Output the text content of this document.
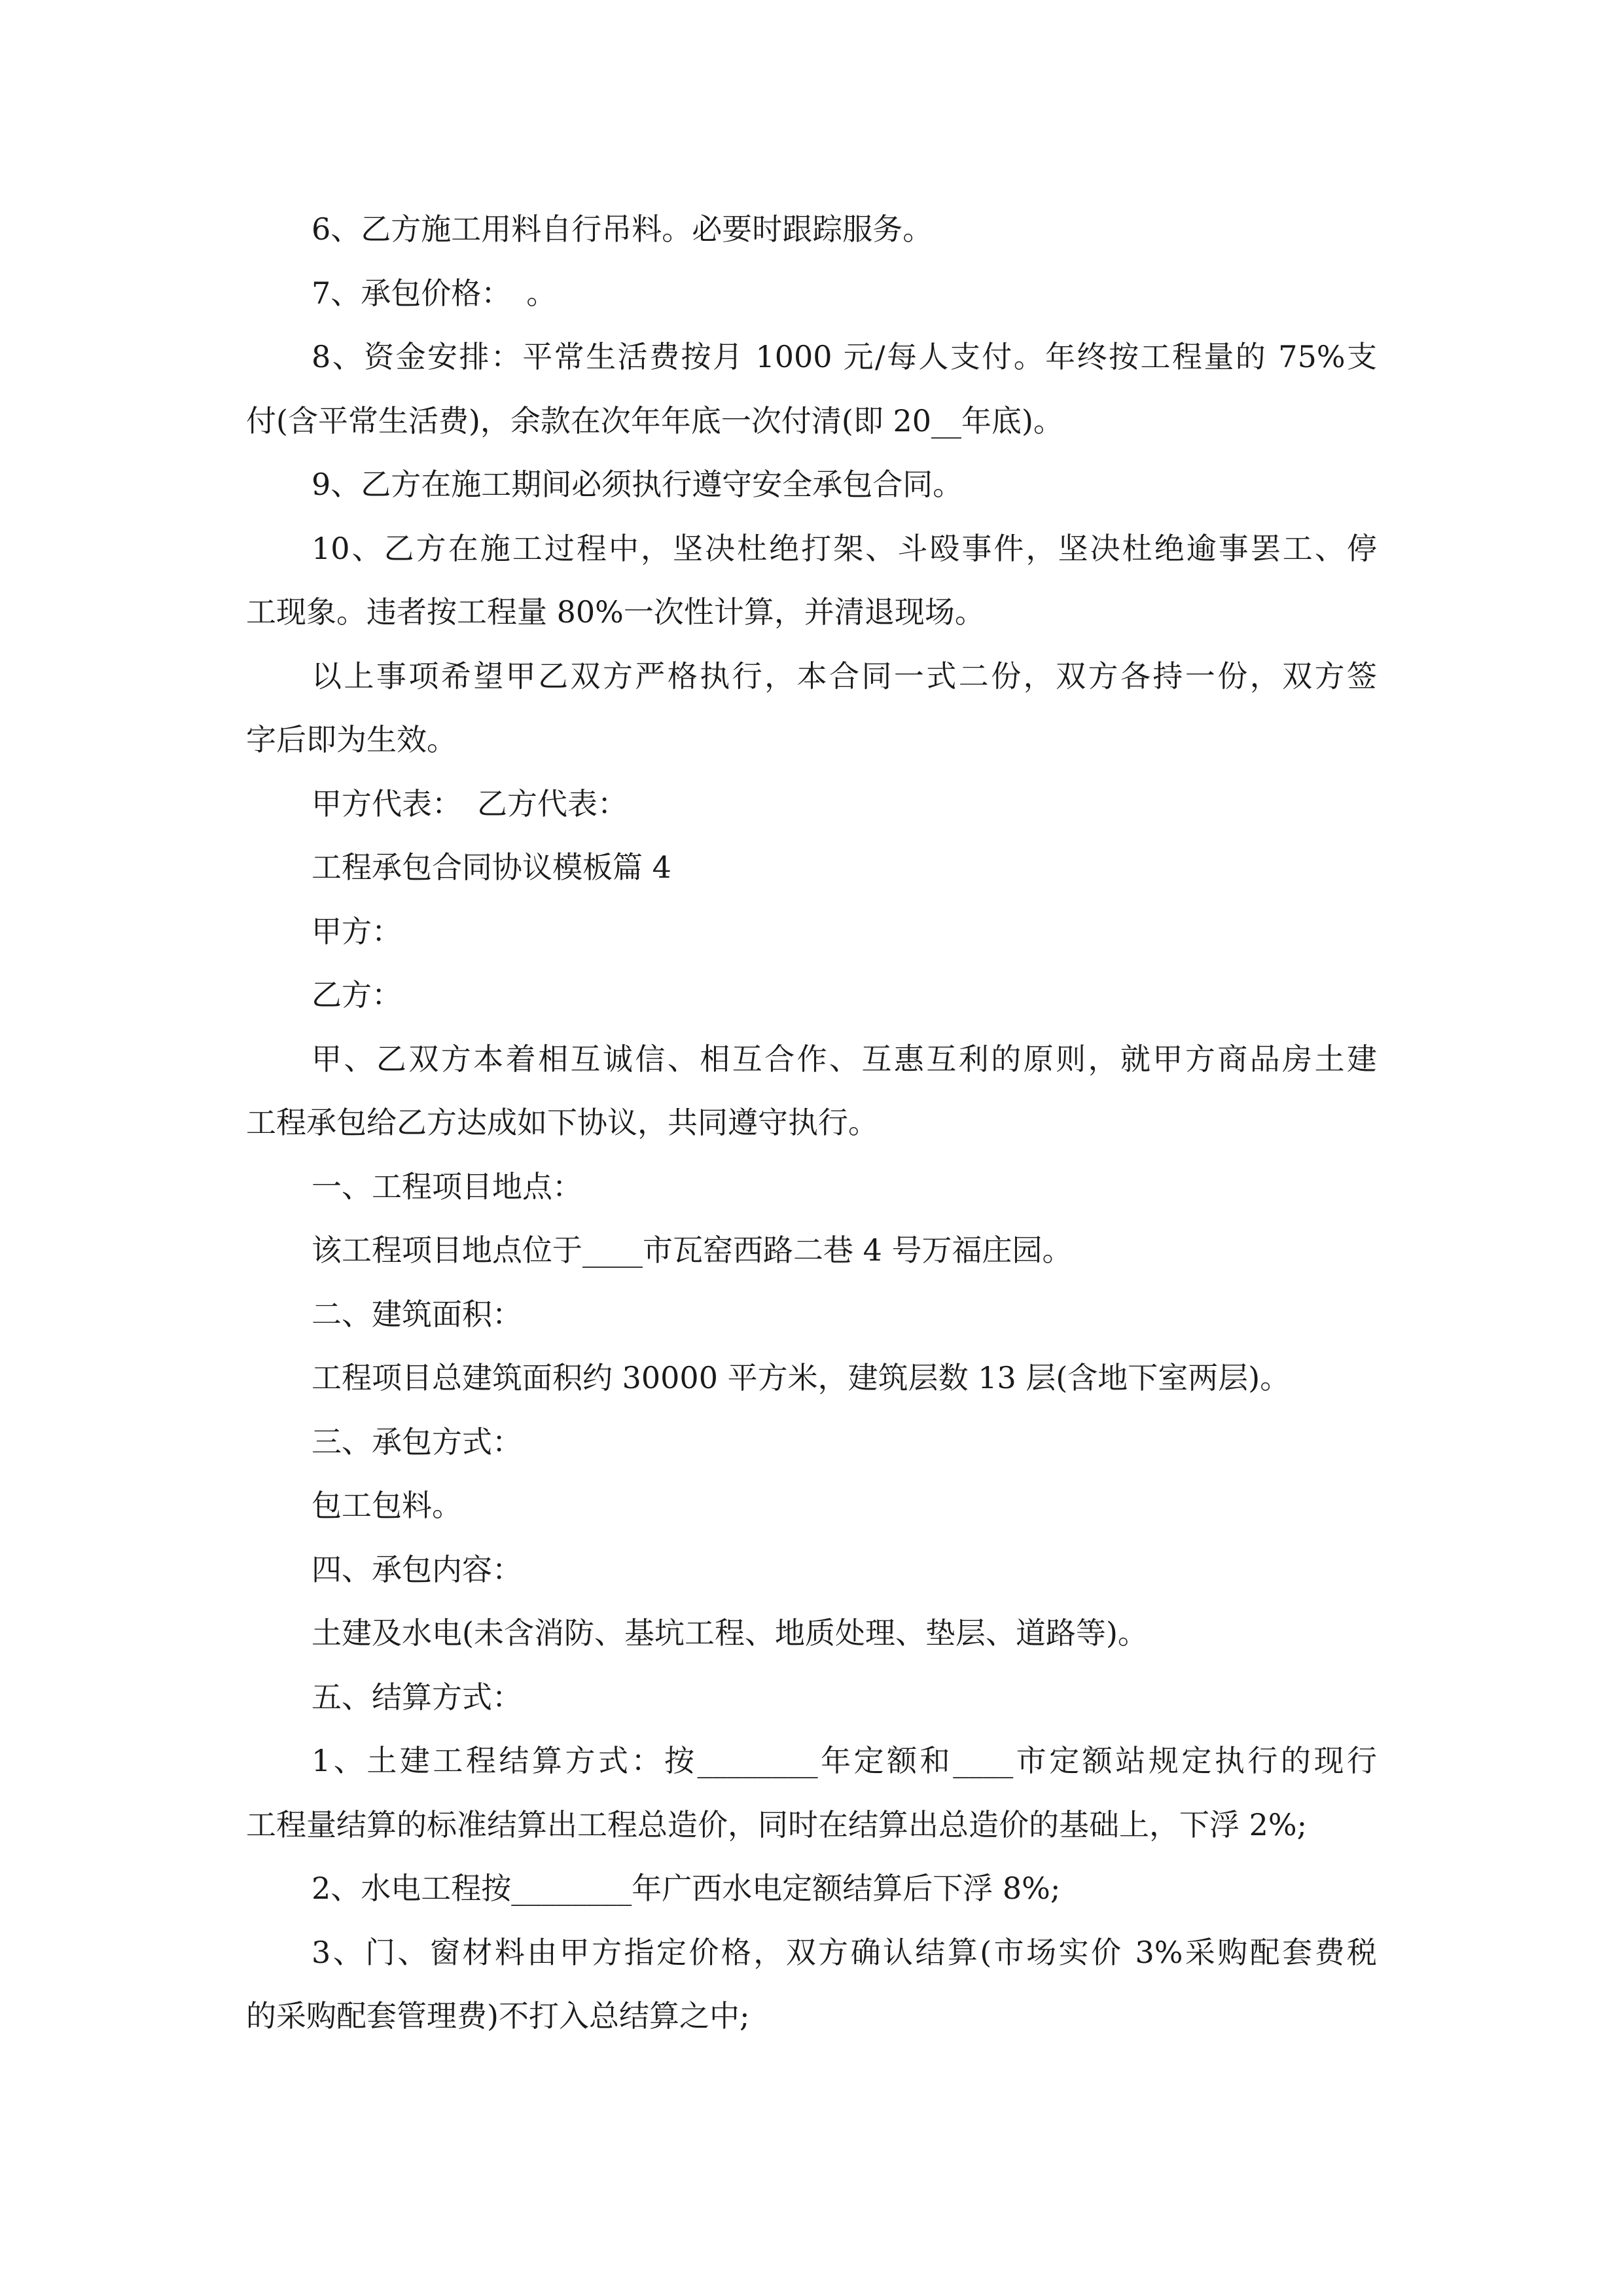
6、乙方施工用料自行吊料。必要时跟踪服务。
7、承包价格：　。
8、资金安排：平常生活费按月 1000 元/每人支付。年终按工程量的 75%支
付(含平常生活费)，余款在次年年底一次付清(即 20__年底)。
9、乙方在施工期间必须执行遵守安全承包合同。
10、乙方在施工过程中，坚决杜绝打架、斗殴事件，坚决杜绝逾事罢工、停
工现象。违者按工程量 80%一次性计算，并清退现场。
以上事项希望甲乙双方严格执行，本合同一式二份，双方各持一份，双方签
字后即为生效。
甲方代表：　乙方代表：
工程承包合同协议模板篇 4
甲方：
乙方：
甲、乙双方本着相互诚信、相互合作、互惠互利的原则，就甲方商品房土建
工程承包给乙方达成如下协议，共同遵守执行。
一、工程项目地点：
该工程项目地点位于____市瓦窑西路二巷 4 号万福庄园。
二、建筑面积：
工程项目总建筑面积约 30000 平方米，建筑层数 13 层(含地下室两层)。
三、承包方式：
包工包料。
四、承包内容：
土建及水电(未含消防、基坑工程、地质处理、垫层、道路等)。
五、结算方式：
1、土建工程结算方式：按________年定额和____市定额站规定执行的现行
工程量结算的标准结算出工程总造价，同时在结算出总造价的基础上，下浮 2%;
2、水电工程按________年广西水电定额结算后下浮 8%;
3、门、窗材料由甲方指定价格，双方确认结算(市场实价 3%采购配套费税
的采购配套管理费)不打入总结算之中;
